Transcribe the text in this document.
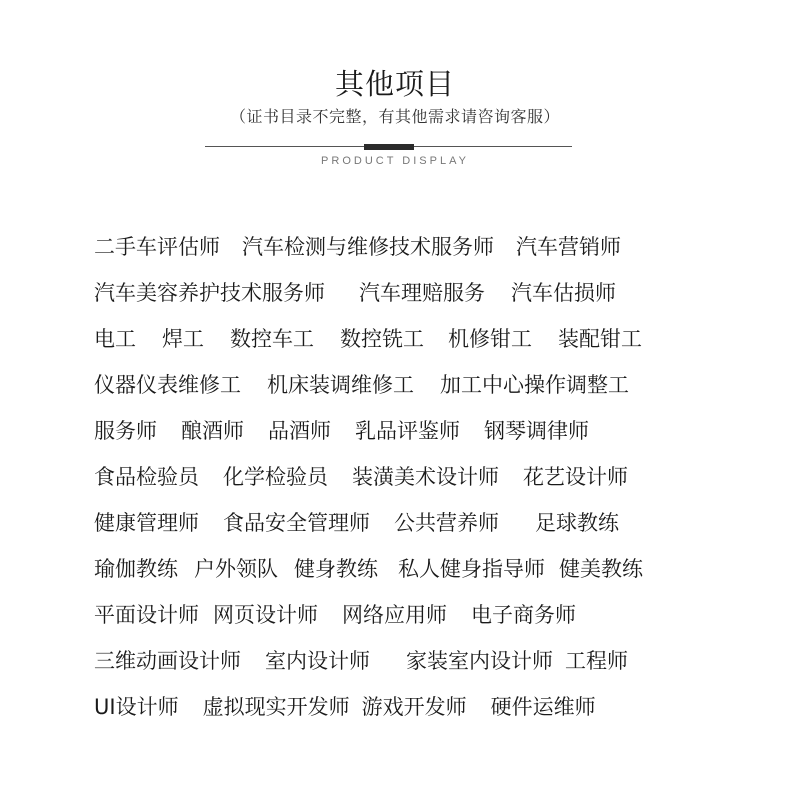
其他项目
（证书目录不完整，有其他需求请咨询客服）
PRODUCT DISPLAY
二手车评估师 汽车检测与维修技术服务师 汽车营销师
汽车美容养护技术服务师 汽车理赔服务 汽车估损师
电工 焊工 数控车工 数控铣工 机修钳工 装配钳工
仪器仪表维修工 机床装调维修工 加工中心操作调整工
服务师 酿酒师 品酒师 乳品评鉴师 钢琴调律师
食品检验员 化学检验员 装潢美术设计师 花艺设计师
健康管理师 食品安全管理师 公共营养师 足球教练
瑜伽教练 户外领队 健身教练 私人健身指导师 健美教练
平面设计师 网页设计师 网络应用师 电子商务师
三维动画设计师 室内设计师 家装室内设计师 工程师
UI设计师 虚拟现实开发师 游戏开发师 硬件运维师
